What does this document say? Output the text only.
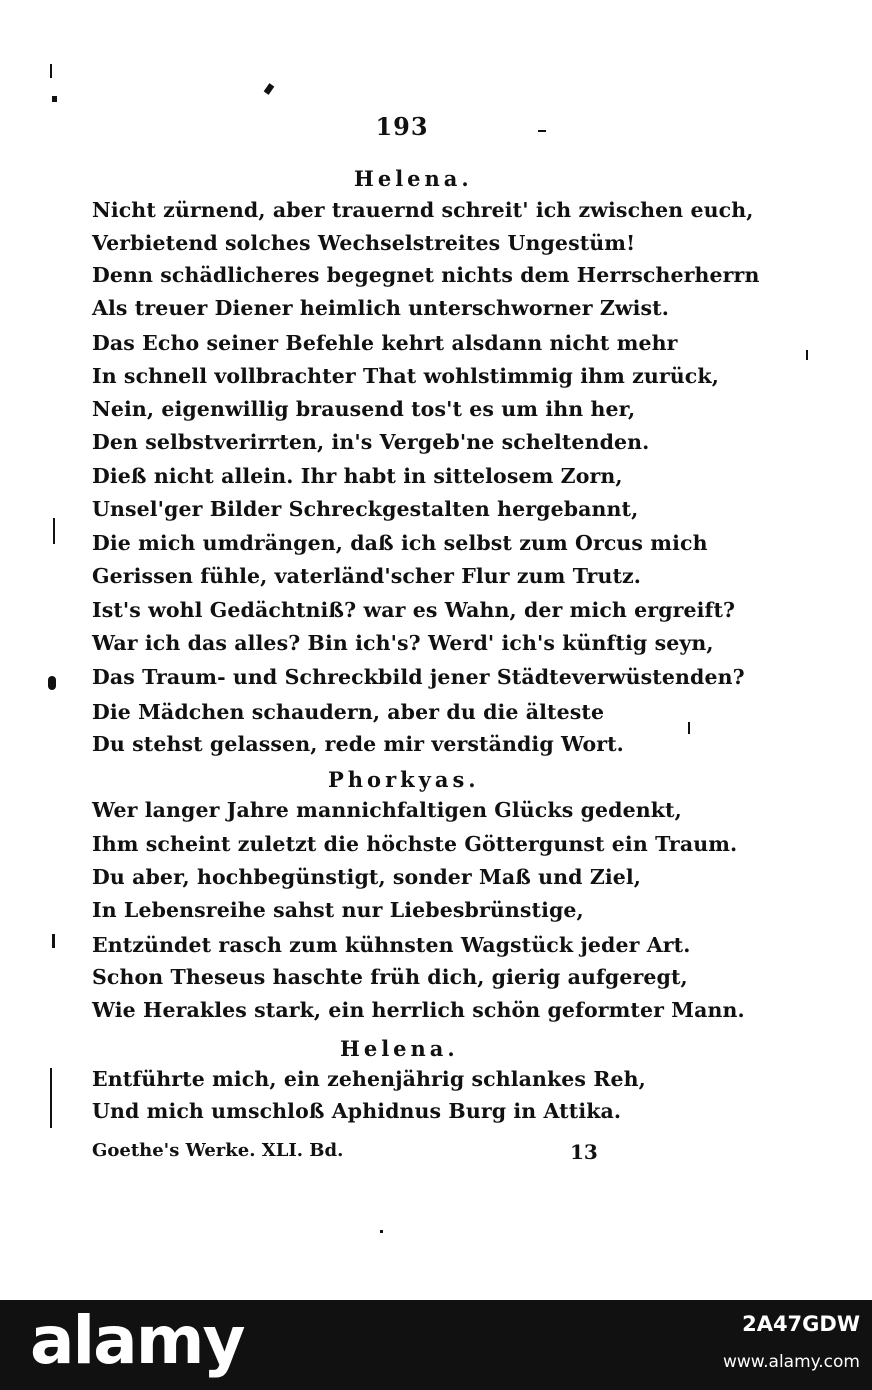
193
Helena.
Nicht zürnend, aber trauernd schreit' ich zwischen euch,
Verbietend solches Wechselstreites Ungestüm!
Denn schädlicheres begegnet nichts dem Herrscherherrn
Als treuer Diener heimlich unterschworner Zwist.
Das Echo seiner Befehle kehrt alsdann nicht mehr
In schnell vollbrachter That wohlstimmig ihm zurück,
Nein, eigenwillig brausend tos't es um ihn her,
Den selbstverirrten, in's Vergeb'ne scheltenden.
Dieß nicht allein. Ihr habt in sittelosem Zorn,
Unsel'ger Bilder Schreckgestalten hergebannt,
Die mich umdrängen, daß ich selbst zum Orcus mich
Gerissen fühle, vaterländ'scher Flur zum Trutz.
Ist's wohl Gedächtniß? war es Wahn, der mich ergreift?
War ich das alles? Bin ich's? Werd' ich's künftig seyn,
Das Traum- und Schreckbild jener Städteverwüstenden?
Die Mädchen schaudern, aber du die älteste
Du stehst gelassen, rede mir verständig Wort.
Phorkyas.
Wer langer Jahre mannichfaltigen Glücks gedenkt,
Ihm scheint zuletzt die höchste Göttergunst ein Traum.
Du aber, hochbegünstigt, sonder Maß und Ziel,
In Lebensreihe sahst nur Liebesbrünstige,
Entzündet rasch zum kühnsten Wagstück jeder Art.
Schon Theseus haschte früh dich, gierig aufgeregt,
Wie Herakles stark, ein herrlich schön geformter Mann.
Helena.
Entführte mich, ein zehenjährig schlankes Reh,
Und mich umschloß Aphidnus Burg in Attika.
Goethe's Werke. XLI. Bd.	13
alamy	2A47GDW
www.alamy.com
